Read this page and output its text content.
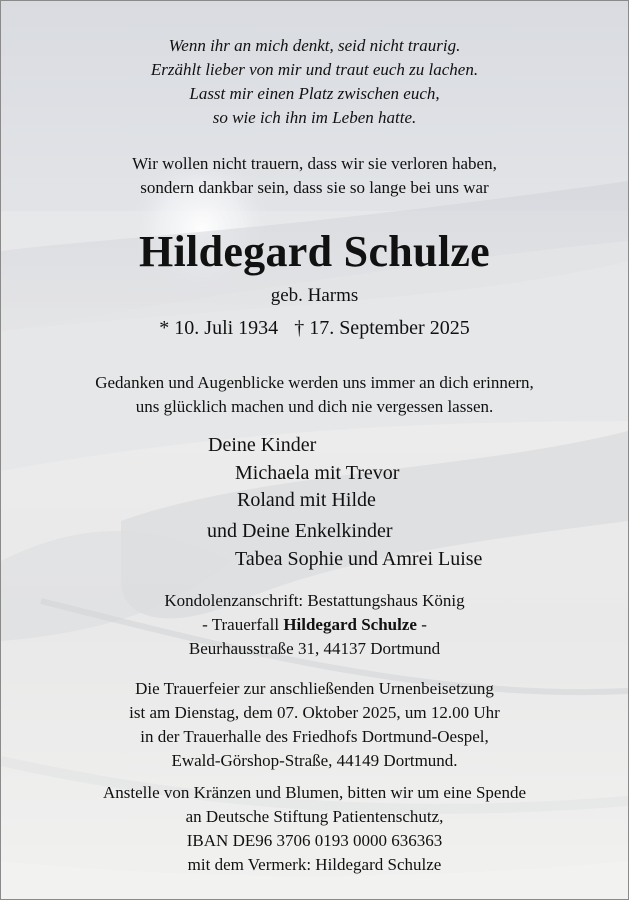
Wenn ihr an mich denkt, seid nicht traurig.
Erzählt lieber von mir und traut euch zu lachen.
Lasst mir einen Platz zwischen euch,
so wie ich ihn im Leben hatte.
Wir wollen nicht trauern, dass wir sie verloren haben,
sondern dankbar sein, dass sie so lange bei uns war
Hildegard Schulze
geb. Harms
* 10. Juli 1934 † 17. September 2025
Gedanken und Augenblicke werden uns immer an dich erinnern,
uns glücklich machen und dich nie vergessen lassen.
Deine Kinder
Michaela mit Trevor
Roland mit Hilde
und Deine Enkelkinder
Tabea Sophie und Amrei Luise
Kondolenzanschrift: Bestattungshaus König
- Trauerfall Hildegard Schulze -
Beurhausstraße 31, 44137 Dortmund
Die Trauerfeier zur anschließenden Urnenbeisetzung
ist am Dienstag, dem 07. Oktober 2025, um 12.00 Uhr
in der Trauerhalle des Friedhofs Dortmund-Oespel,
Ewald-Görshop-Straße, 44149 Dortmund.
Anstelle von Kränzen und Blumen, bitten wir um eine Spende
an Deutsche Stiftung Patientenschutz,
IBAN DE96 3706 0193 0000 636363
mit dem Vermerk: Hildegard Schulze
